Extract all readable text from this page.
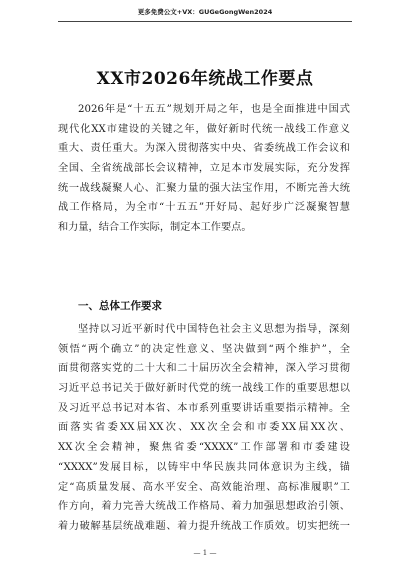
更多免费公文+VX：GUGeGongWen2024
XX市2026年统战工作要点
2026年是“十五五”规划开局之年，也是全面推进中国式
现代化XX市建设的关键之年，做好新时代统一战线工作意义
重大、责任重大。为深入贯彻落实中央、省委统战工作会议和
全国、全省统战部长会议精神，立足本市发展实际，充分发挥
统一战线凝聚人心、汇聚力量的强大法宝作用，不断完善大统
战工作格局，为全市“十五五”开好局、起好步广泛凝聚智慧
和力量，结合工作实际，制定本工作要点。
一、总体工作要求
坚持以习近平新时代中国特色社会主义思想为指导，深刻
领悟“两个确立”的决定性意义、坚决做到“两个维护”，全
面贯彻落实党的二十大和二十届历次全会精神，深入学习贯彻
习近平总书记关于做好新时代党的统一战线工作的重要思想以
及习近平总书记对本省、本市系列重要讲话重要指示精神。全
面落实省委XX届XX次、XX次全会和市委XX届XX次、
XX次全会精神，聚焦省委“XXXX”工作部署和市委建设
“XXXX”发展目标，以铸牢中华民族共同体意识为主线，锚
定“高质量发展、高水平安全、高效能治理、高标准履职”工
作方向，着力完善大统战工作格局、着力加强思想政治引领、
着力破解基层统战难题、着力提升统战工作质效。切实把统一
— 1 —
